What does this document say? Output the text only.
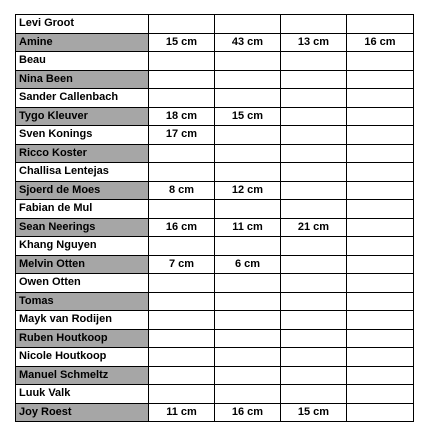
Levi Groot				
Amine	15 cm	43 cm	13 cm	16 cm
Beau				
Nina Been				
Sander Callenbach				
Tygo Kleuver	18 cm	15 cm		
Sven Konings	17 cm			
Ricco Koster				
Challisa Lentejas				
Sjoerd de Moes	8 cm	12 cm		
Fabian de Mul				
Sean Neerings	16 cm	11 cm	21 cm	
Khang Nguyen				
Melvin Otten	7 cm	6 cm		
Owen Otten				
Tomas				
Mayk van Rodijen				
Ruben Houtkoop				
Nicole Houtkoop				
Manuel Schmeltz				
Luuk Valk				
Joy Roest	11 cm	16 cm	15 cm	
